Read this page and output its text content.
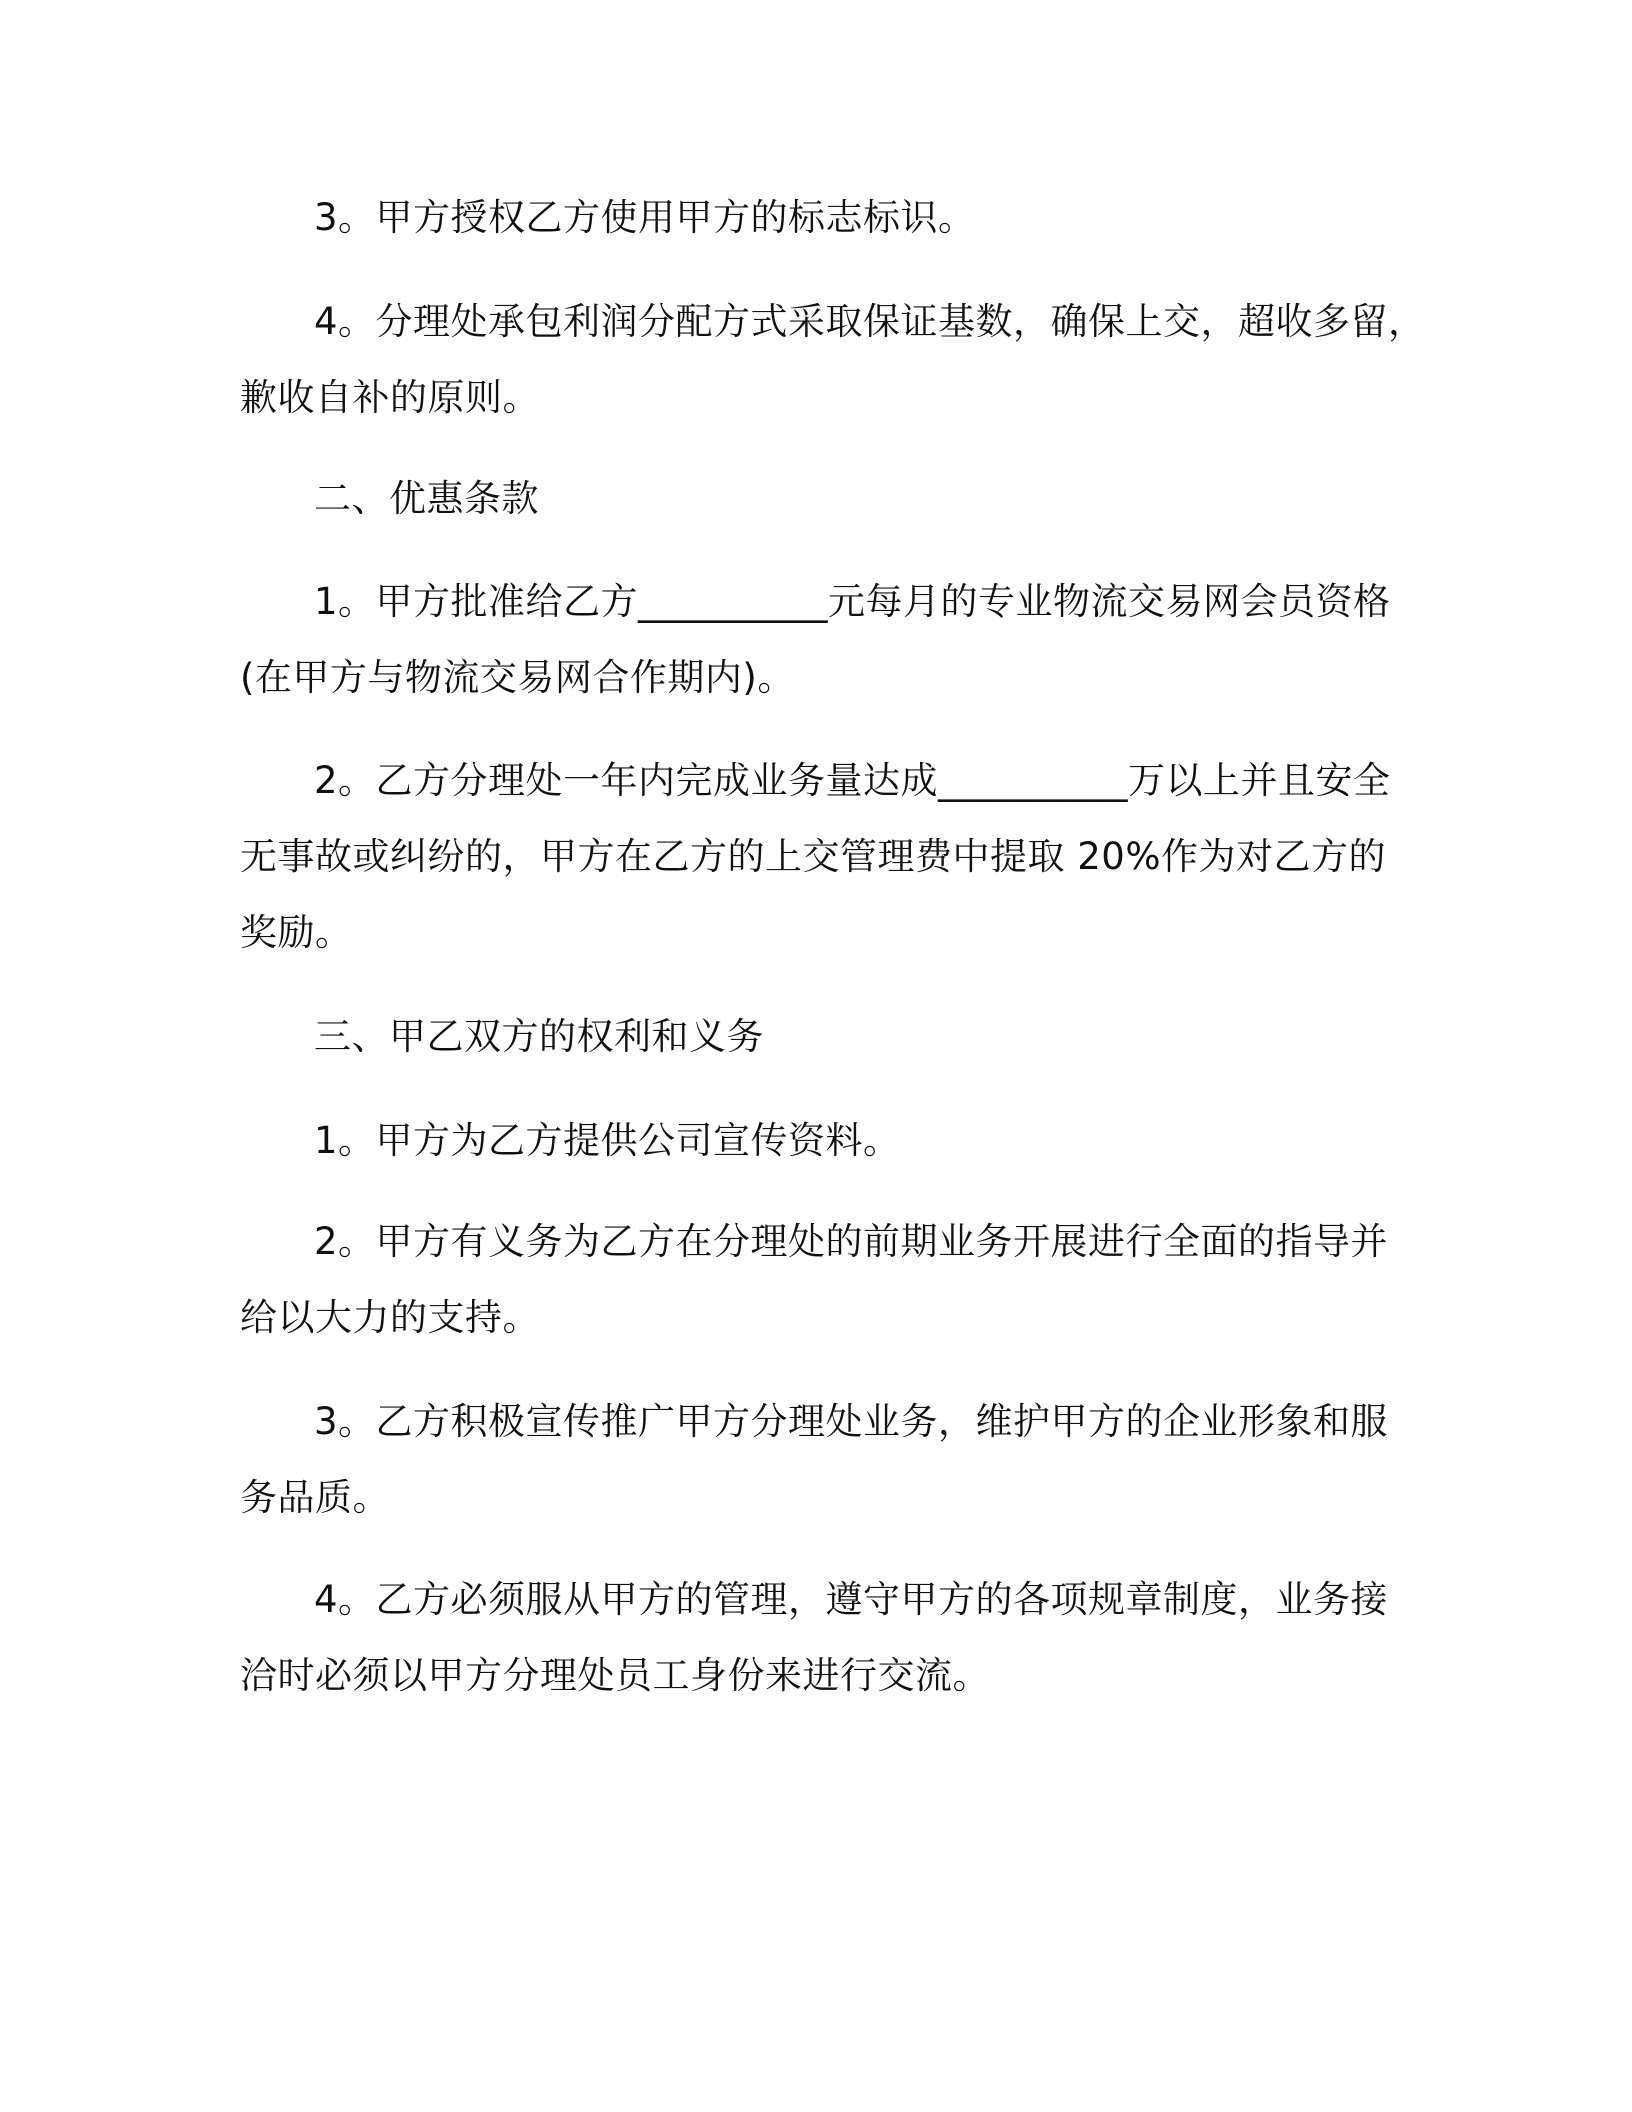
3。甲方授权乙方使用甲方的标志标识。
4。分理处承包利润分配方式采取保证基数，确保上交，超收多留，
歉收自补的原则。
二、优惠条款
1。甲方批准给乙方__________元每月的专业物流交易网会员资格
(在甲方与物流交易网合作期内)。
2。乙方分理处一年内完成业务量达成__________万以上并且安全
无事故或纠纷的，甲方在乙方的上交管理费中提取 20%作为对乙方的
奖励。
三、甲乙双方的权利和义务
1。甲方为乙方提供公司宣传资料。
2。甲方有义务为乙方在分理处的前期业务开展进行全面的指导并
给以大力的支持。
3。乙方积极宣传推广甲方分理处业务，维护甲方的企业形象和服
务品质。
4。乙方必须服从甲方的管理，遵守甲方的各项规章制度，业务接
洽时必须以甲方分理处员工身份来进行交流。
